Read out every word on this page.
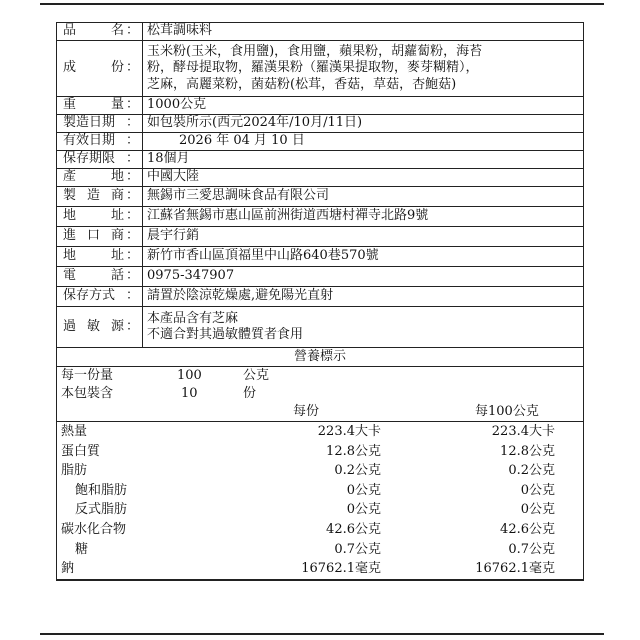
品	名 ： 松茸調味料
成	份 ：
玉米粉(玉米，食用鹽)，食用鹽，蘋果粉，胡蘿蔔粉，海苔
粉，酵母提取物，羅漢果粉（羅漢果提取物，麥芽糊精），
芝麻，高麗菜粉，菌菇粉(松茸，香菇，草菇，杏鮑菇)
重	量 ： 1000公克
製造日期 ： 如包裝所示(西元2024年/10月/11日)
有效日期 ：	2026 年 04 月 10 日
保存期限 ： 18個月
產	地 ： 中國大陸
製 造 商 ： 無錫市三愛思調味食品有限公司
地	址 ： 江蘇省無錫市惠山區前洲街道西塘村禪寺北路9號
進 口 商 ： 晨宇行銷
地	址 ： 新竹市香山區頂福里中山路640巷570號
電	話 ： 0975-347907
保存方式 ： 請置於陰涼乾燥處,避免陽光直射
過 敏 源 ：
本產品含有芝麻
不適合對其過敏體質者食用
營養標示
每一份量	100	公克
本包裝含	10	份
每份	每100公克
熱量	223.4 大卡	223.4 大卡
蛋白質	12.8 公克	12.8 公克
脂肪	0.2 公克	0.2 公克
飽和脂肪	0 公克	0 公克
反式脂肪	0 公克	0 公克
碳水化合物	42.6 公克	42.6 公克
糖	0.7 公克	0.7 公克
鈉	16762.1 毫克	16762.1 毫克
